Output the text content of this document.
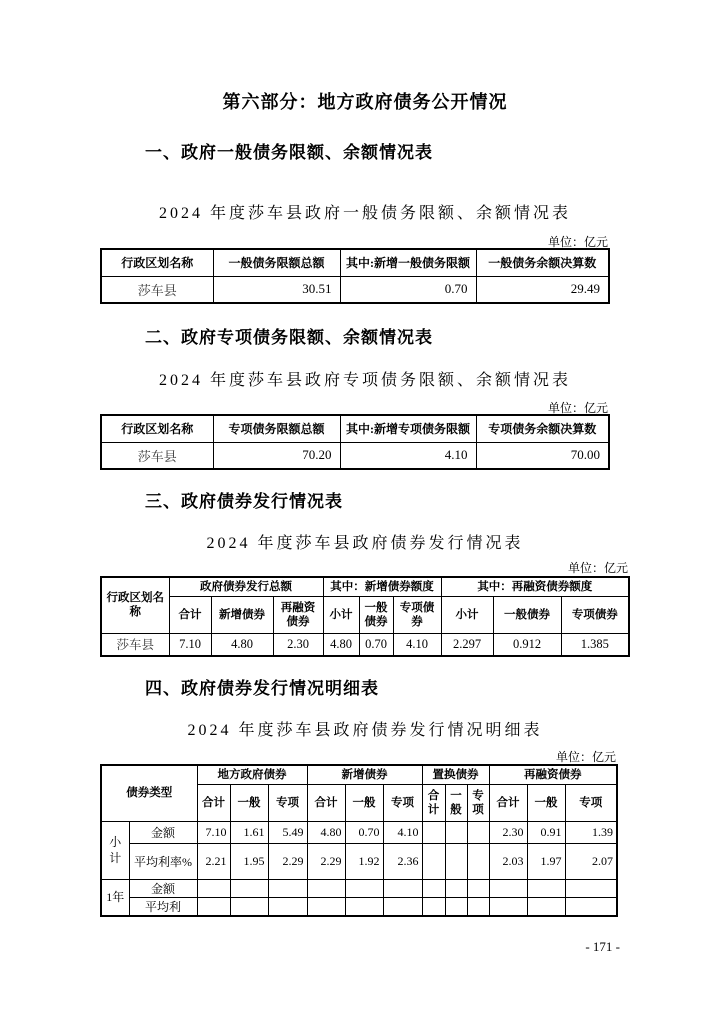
第六部分：地方政府债务公开情况

一、政府一般债务限额、余额情况表

2024 年度莎车县政府一般债务限额、余额情况表

单位：亿元

行政区划名称	一般债务限额总额	其中:新增一般债务限额	一般债务余额决算数
莎车县	30.51	0.70	29.49

二、政府专项债务限额、余额情况表

2024 年度莎车县政府专项债务限额、余额情况表

单位：亿元

行政区划名称	专项债务限额总额	其中:新增专项债务限额	专项债务余额决算数
莎车县	70.20	4.10	70.00

三、政府债券发行情况表

2024 年度莎车县政府债券发行情况表

单位：亿元

行政区划名称	政府债券发行总额			其中：新增债券额度			其中：再融资债券额度		
	合计	新增债券	再融资债券	小计	一般债券	专项债券	小计	一般债券	专项债券
莎车县	7.10	4.80	2.30	4.80	0.70	4.10	2.297	0.912	1.385

四、政府债券发行情况明细表

2024 年度莎车县政府债券发行情况明细表

单位：亿元

债券类型		地方政府债券			新增债券			置换债券			再融资债券		
		合计	一般	专项	合计	一般	专项	合计	一般	专项	合计	一般	专项
小计	金额	7.10	1.61	5.49	4.80	0.70	4.10				2.30	0.91	1.39
	平均利率%	2.21	1.95	2.29	2.29	1.92	2.36				2.03	1.97	2.07
1年	金额												
	平均利												

- 171 -
